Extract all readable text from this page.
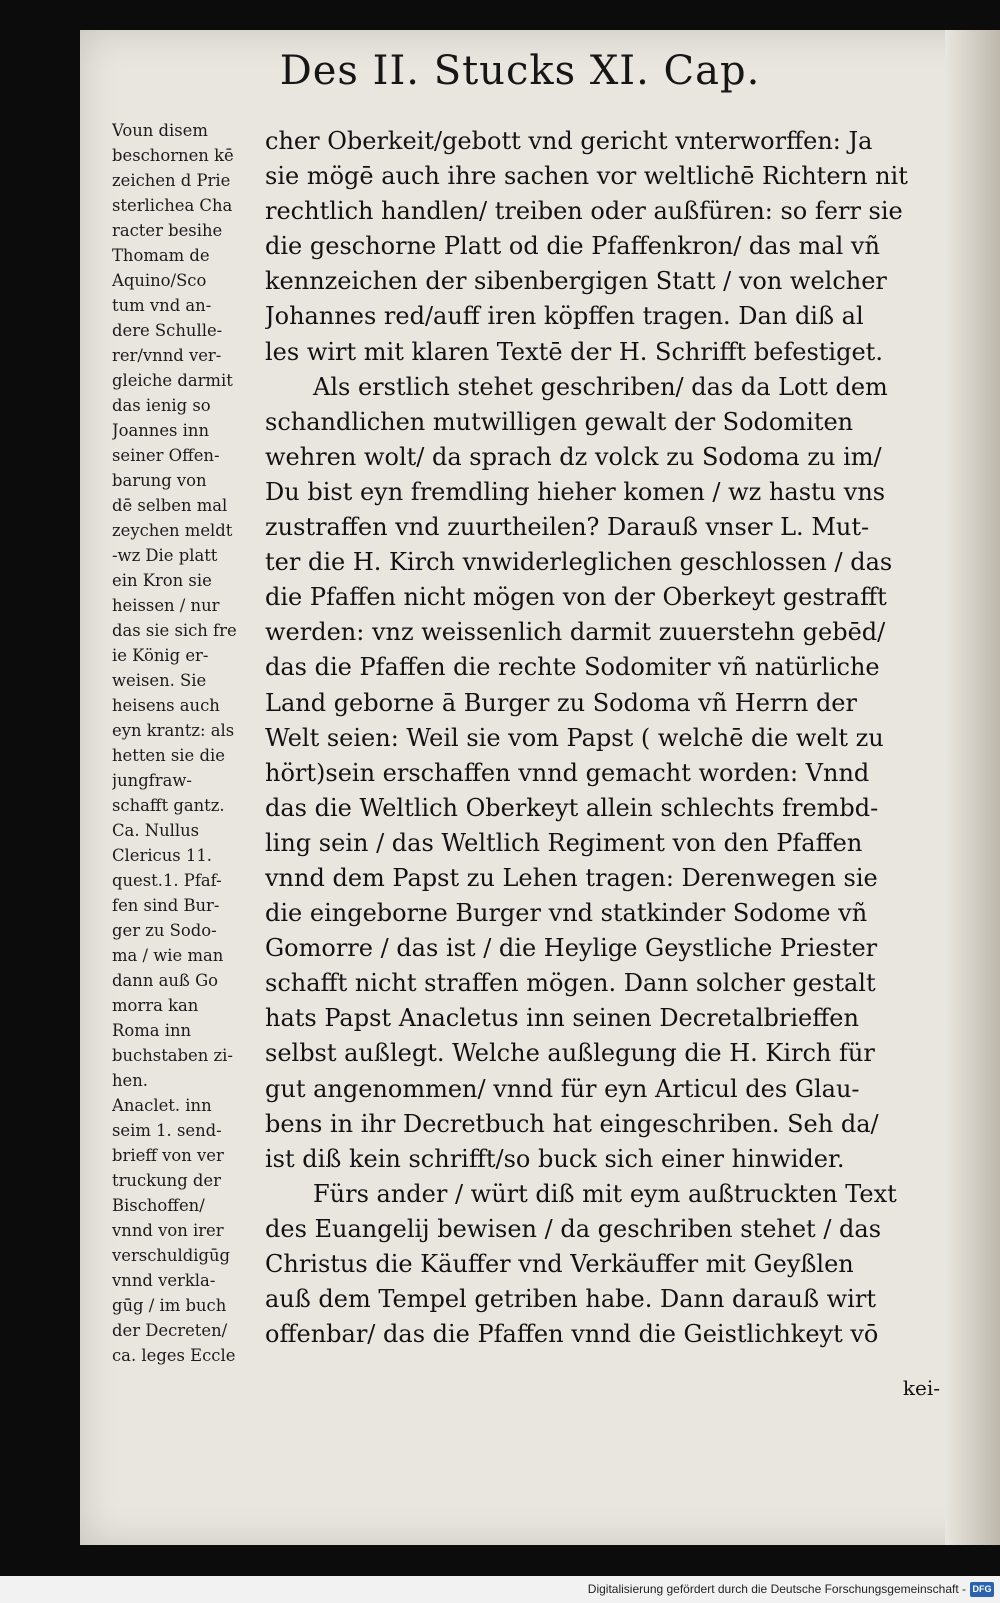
Des II. Stucks XI. Cap.
Voun disem
beschornen kē
zeichen d Prie
sterlichea Cha
racter besihe
Thomam de
Aquino/Sco
tum vnd an-
dere Schulle-
rer/vnnd ver-
gleiche darmit
das ienig so
Joannes inn
seiner Offen-
barung von
dē selben mal
zeychen meldt
-wz Die platt
ein Kron sie
heissen / nur
das sie sich fre
ie König er-
weisen. Sie
heisens auch
eyn krantz: als
hetten sie die
jungfraw-
schafft gantz.
Ca. Nullus
Clericus 11.
quest.1. Pfaf-
fen sind Bur-
ger zu Sodo-
ma / wie man
dann auß Go
morra kan
Roma inn
buchstaben zi-
hen.
Anaclet. inn
seim 1. send-
brieff von ver
truckung der
Bischoffen/
vnnd von irer
verschuldigūg
vnnd verkla-
gūg / im buch
der Decreten/
ca. leges Eccle
cher Oberkeit/gebott vnd gericht vnterworffen: Ja
sie mögē auch ihre sachen vor weltlichē Richtern nit
rechtlich handlen/ treiben oder außfüren: so ferr sie
die geschorne Platt od die Pfaffenkron/ das mal vñ
kennzeichen der sibenbergigen Statt / von welcher
Johannes red/auff iren köpffen tragen. Dan diß al
les wirt mit klaren Textē der H. Schrifft befestiget.
Als erstlich stehet geschriben/ das da Lott dem
schandlichen mutwilligen gewalt der Sodomiten
wehren wolt/ da sprach dz volck zu Sodoma zu im/
Du bist eyn fremdling hieher komen / wz hastu vns
zustraffen vnd zuurtheilen? Darauß vnser L. Mut-
ter die H. Kirch vnwiderleglichen geschlossen / das
die Pfaffen nicht mögen von der Oberkeyt gestrafft
werden: vnz weissenlich darmit zuuerstehn gebēd/
das die Pfaffen die rechte Sodomiter vñ natürliche
Land geborne ā Burger zu Sodoma vñ Herrn der
Welt seien: Weil sie vom Papst ( welchē die welt zu
hört)sein erschaffen vnnd gemacht worden: Vnnd
das die Weltlich Oberkeyt allein schlechts frembd-
ling sein / das Weltlich Regiment von den Pfaffen
vnnd dem Papst zu Lehen tragen: Derenwegen sie
die eingeborne Burger vnd statkinder Sodome vñ
Gomorre / das ist / die Heylige Geystliche Priester
schafft nicht straffen mögen. Dann solcher gestalt
hats Papst Anacletus inn seinen Decretalbrieffen
selbst außlegt. Welche außlegung die H. Kirch für
gut angenommen/ vnnd für eyn Articul des Glau-
bens in ihr Decretbuch hat eingeschriben. Seh da/
ist diß kein schrifft/so buck sich einer hinwider.
Fürs ander / würt diß mit eym außtruckten Text
des Euangelij bewisen / da geschriben stehet / das
Christus die Käuffer vnd Verkäuffer mit Geyßlen
auß dem Tempel getriben habe. Dann darauß wirt
offenbar/ das die Pfaffen vnnd die Geistlichkeyt vō
kei-
Digitalisierung gefördert durch die Deutsche Forschungsgemeinschaft - DFG
